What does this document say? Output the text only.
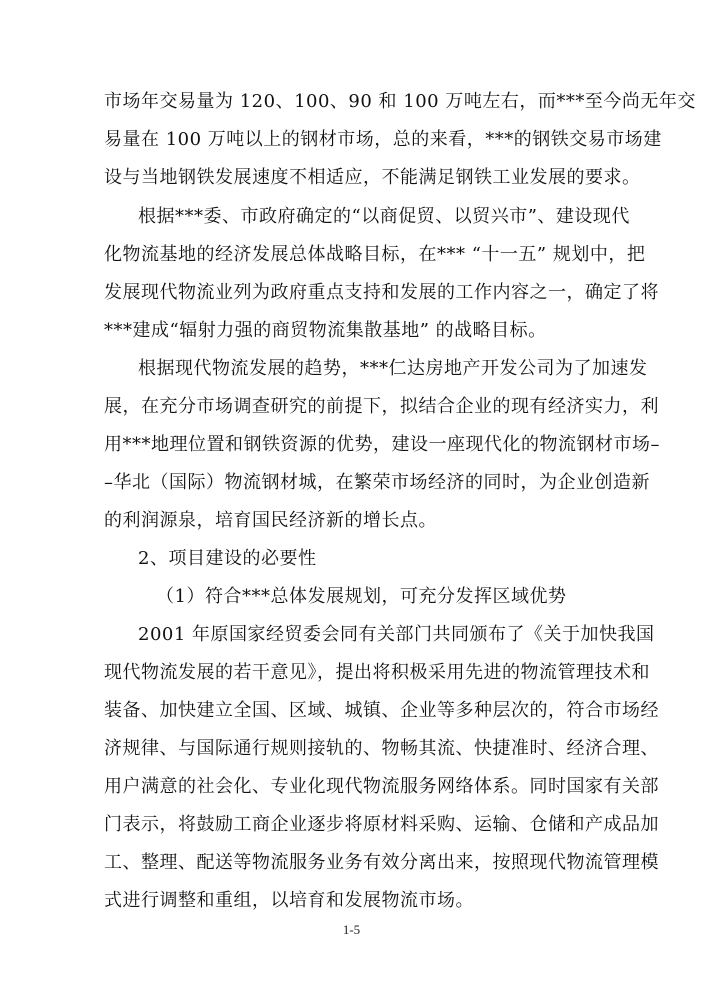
市场年交易量为 120、100、90 和 100 万吨左右，而***至今尚无年交
易量在 100 万吨以上的钢材市场，总的来看，***的钢铁交易市场建
设与当地钢铁发展速度不相适应，不能满足钢铁工业发展的要求。
根据***委、市政府确定的“以商促贸、以贸兴市”、建设现代
化物流基地的经济发展总体战略目标，在*** “十一五” 规划中，把
发展现代物流业列为政府重点支持和发展的工作内容之一，确定了将
***建成“辐射力强的商贸物流集散基地” 的战略目标。
根据现代物流发展的趋势，***仁达房地产开发公司为了加速发
展，在充分市场调查研究的前提下，拟结合企业的现有经济实力，利
用***地理位置和钢铁资源的优势，建设一座现代化的物流钢材市场–
–华北（国际）物流钢材城，在繁荣市场经济的同时，为企业创造新
的利润源泉，培育国民经济新的增长点。
2、项目建设的必要性
（1）符合***总体发展规划，可充分发挥区域优势
2001 年原国家经贸委会同有关部门共同颁布了《关于加快我国
现代物流发展的若干意见》，提出将积极采用先进的物流管理技术和
装备、加快建立全国、区域、城镇、企业等多种层次的，符合市场经
济规律、与国际通行规则接轨的、物畅其流、快捷准时、经济合理、
用户满意的社会化、专业化现代物流服务网络体系。同时国家有关部
门表示，将鼓励工商企业逐步将原材料采购、运输、仓储和产成品加
工、整理、配送等物流服务业务有效分离出来，按照现代物流管理模
式进行调整和重组，以培育和发展物流市场。
1-5
